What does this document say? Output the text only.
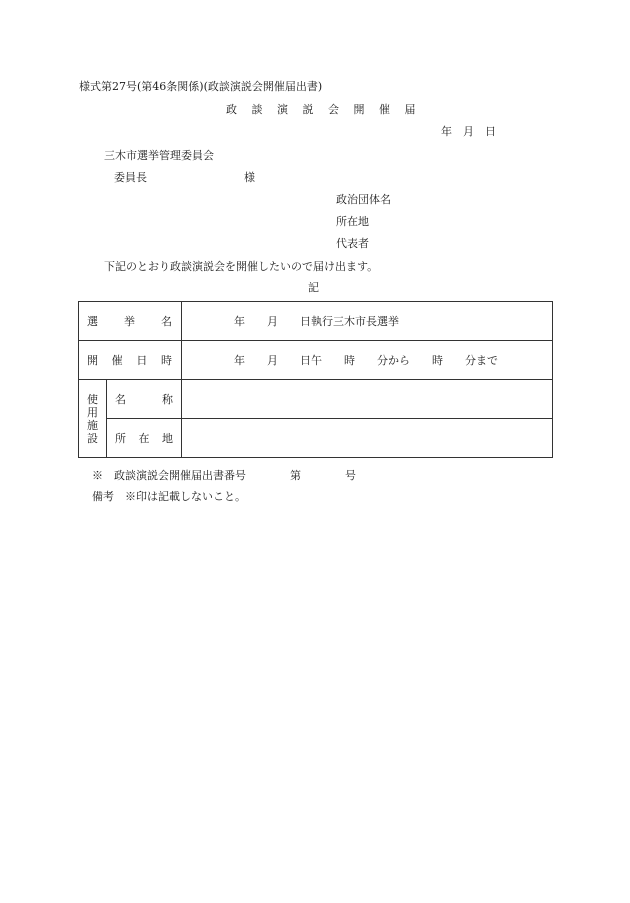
様式第27号(第46条関係)(政談演説会開催届出書)
政 談 演 説 会 開 催 届
年　月　日
三木市選挙管理委員会
委員長	様
政治団体名
所在地
代表者
下記のとおり政談演説会を開催したいので届け出ます。
記
選 挙 名		年　　月　　日執行三木市長選挙

開 催 日 時		年　　月　　日午　　時　　分から　　時　　分まで

使
用
施
設	名 称	

	所 在 地	

※　政談演説会開催届出書番号　　　　第　　　　号
備考　※印は記載しないこと。
